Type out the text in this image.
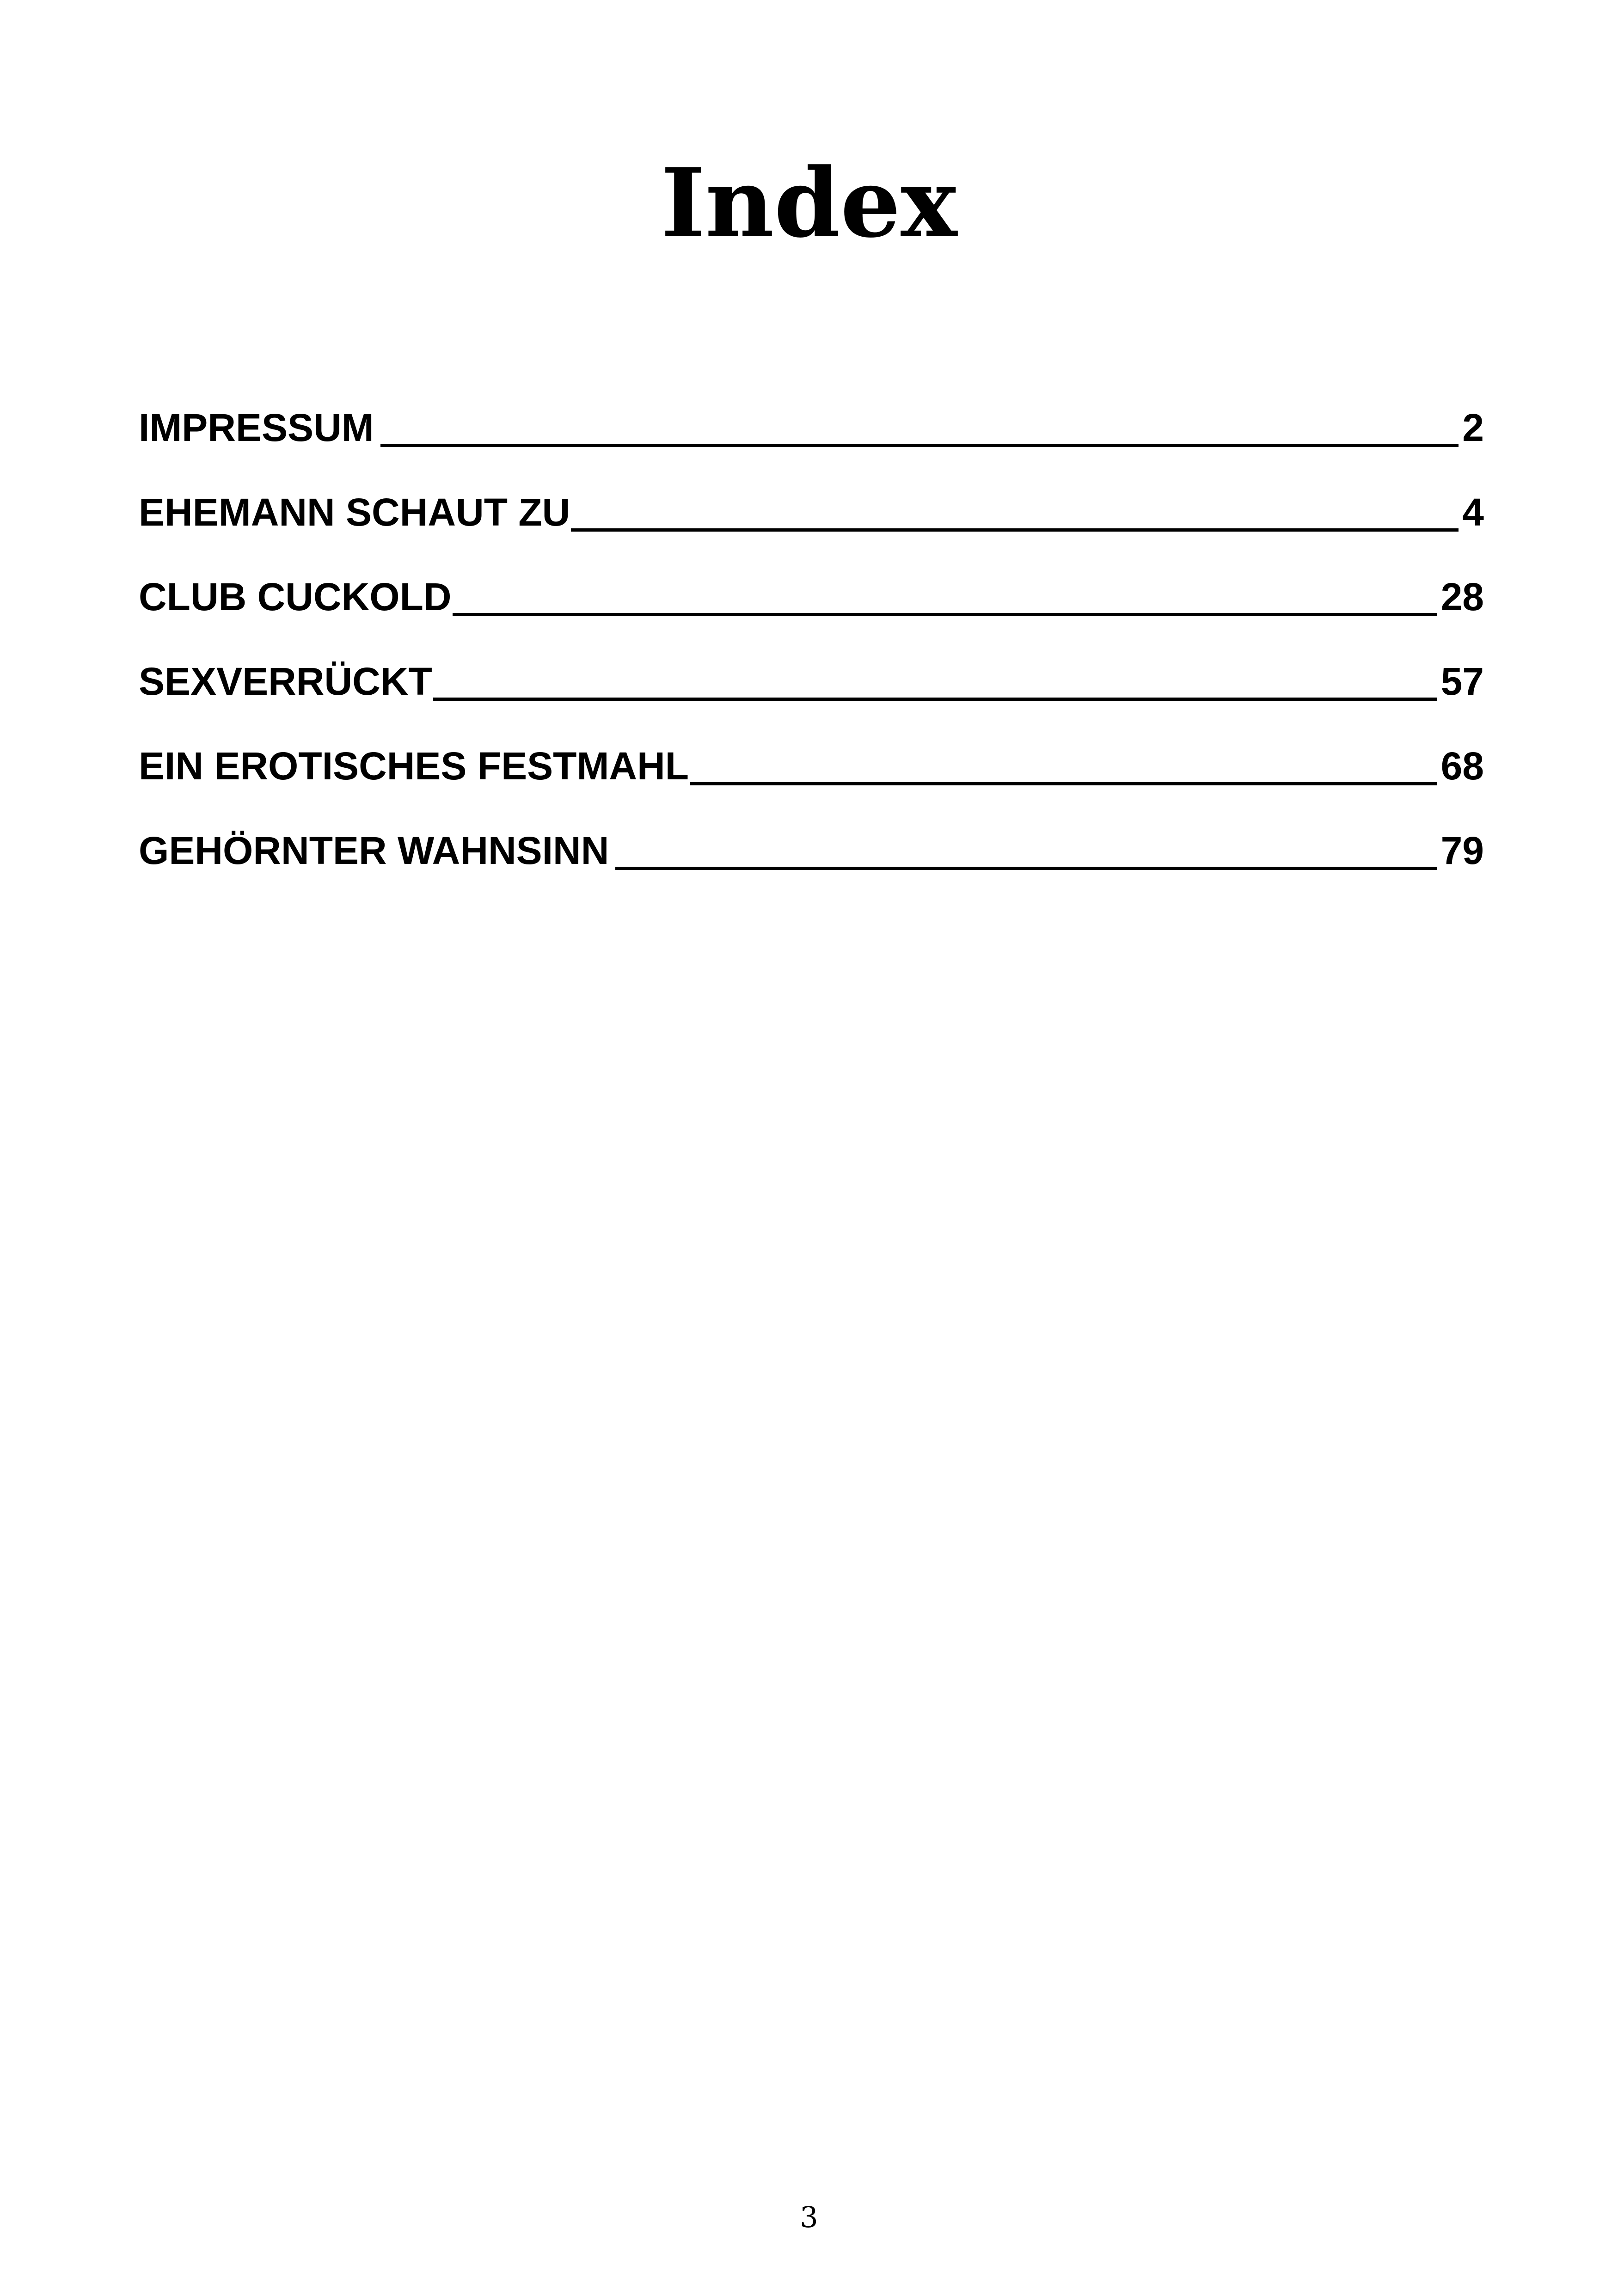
Index
IMPRESSUM	2
EHEMANN SCHAUT ZU	4
CLUB CUCKOLD	28
SEXVERRÜCKT	57
EIN EROTISCHES FESTMAHL	68
GEHÖRNTER WAHNSINN	79
3
